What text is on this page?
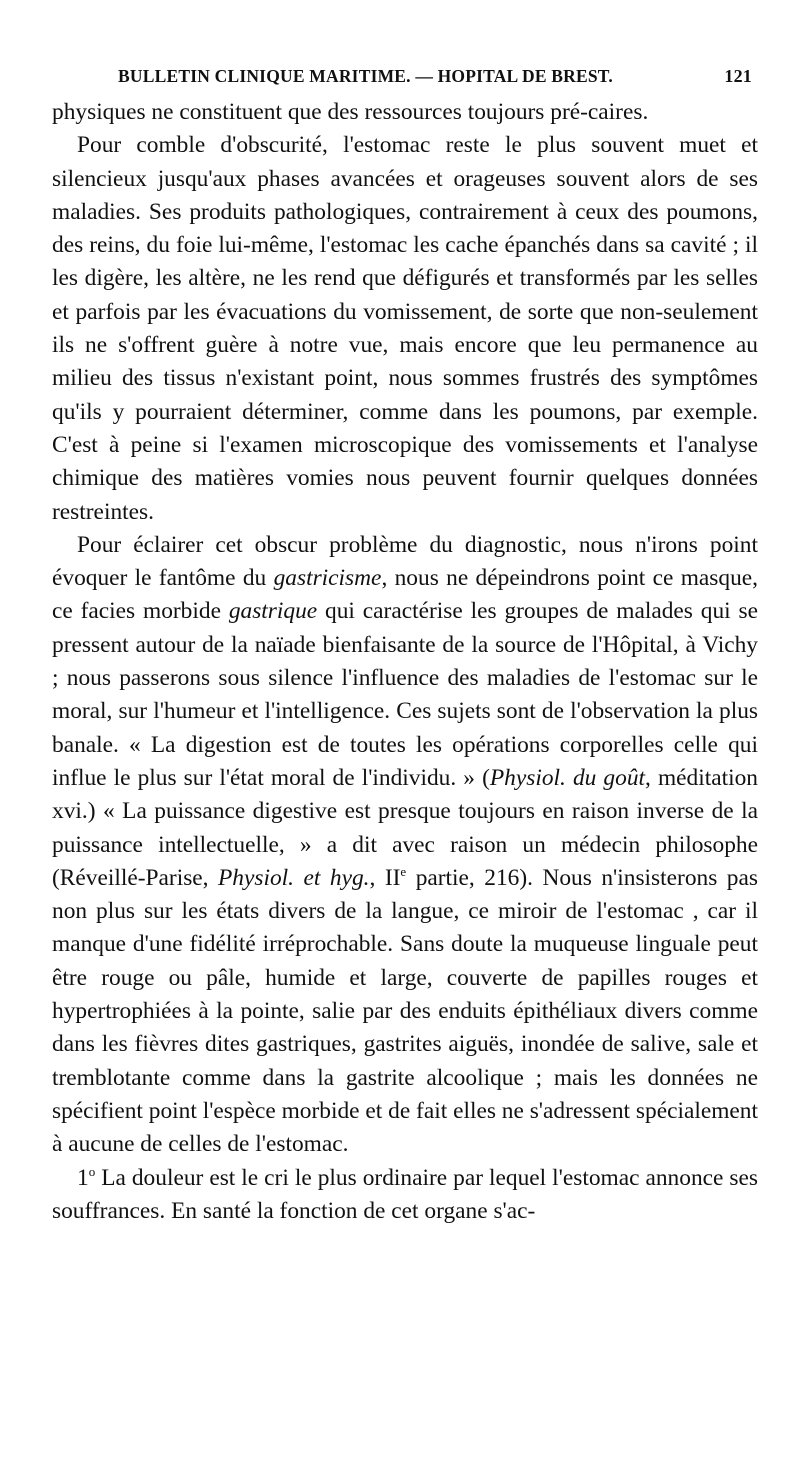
BULLETIN CLINIQUE MARITIME. — HOPITAL DE BREST.	121

physiques ne constituent que des ressources toujours pré-caires.

Pour comble d'obscurité, l'estomac reste le plus souvent muet et silencieux jusqu'aux phases avancées et orageuses souvent alors de ses maladies. Ses produits pathologiques, contrairement à ceux des poumons, des reins, du foie lui-même, l'estomac les cache épanchés dans sa cavité ; il les digère, les altère, ne les rend que défigurés et transformés par les selles et parfois par les évacuations du vomissement, de sorte que non-seulement ils ne s'offrent guère à notre vue, mais encore que leu permanence au milieu des tissus n'existant point, nous sommes frustrés des symptômes qu'ils y pourraient déterminer, comme dans les poumons, par exemple. C'est à peine si l'examen microscopique des vomissements et l'analyse chimique des matières vomies nous peuvent fournir quelques données restreintes.

Pour éclairer cet obscur problème du diagnostic, nous n'irons point évoquer le fantôme du gastricisme, nous ne dépeindrons point ce masque, ce facies morbide gastrique qui caractérise les groupes de malades qui se pressent autour de la naïade bienfaisante de la source de l'Hôpital, à Vichy ; nous passerons sous silence l'influence des maladies de l'estomac sur le moral, sur l'humeur et l'intelligence. Ces sujets sont de l'observation la plus banale. « La digestion est de toutes les opérations corporelles celle qui influe le plus sur l'état moral de l'individu. » (Physiol. du goût, méditation xvi.) « La puissance digestive est presque toujours en raison inverse de la puissance intellectuelle, » a dit avec raison un médecin philosophe (Réveillé-Parise, Physiol. et hyg., IIe partie, 216). Nous n'insisterons pas non plus sur les états divers de la langue, ce miroir de l'estomac , car il manque d'une fidélité irréprochable. Sans doute la muqueuse linguale peut être rouge ou pâle, humide et large, couverte de papilles rouges et hypertrophiées à la pointe, salie par des enduits épithéliaux divers comme dans les fièvres dites gastriques, gastrites aiguës, inondée de salive, sale et tremblotante comme dans la gastrite alcoolique ; mais les données ne spécifient point l'espèce morbide et de fait elles ne s'adressent spécialement à aucune de celles de l'estomac.

1$^o$ La douleur est le cri le plus ordinaire par lequel l'estomac annonce ses souffrances. En santé la fonction de cet organe s'ac-
